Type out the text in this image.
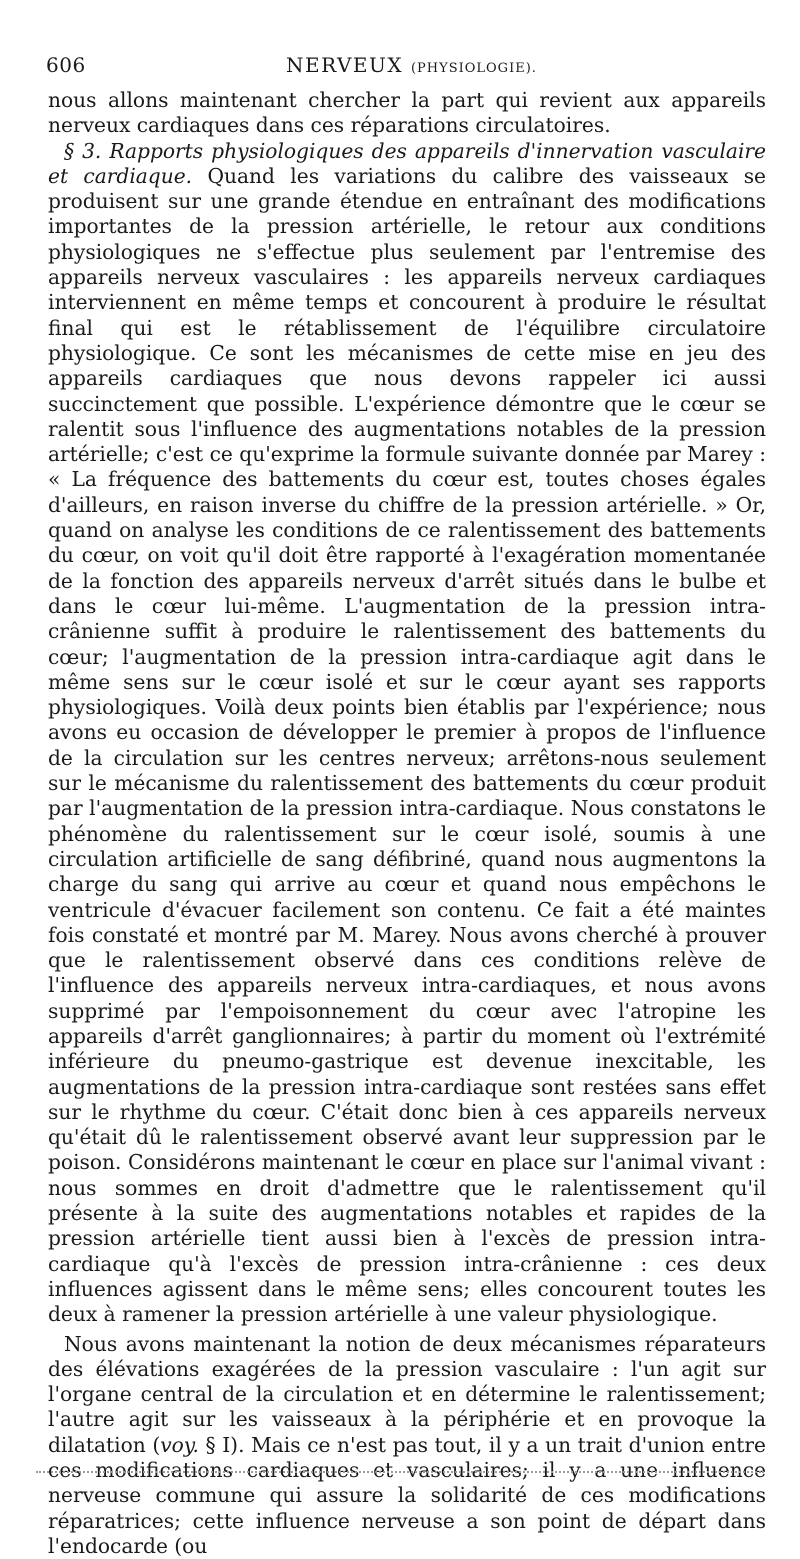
606	NERVEUX (PHYSIOLOGIE).

nous allons maintenant chercher la part qui revient aux appareils nerveux cardiaques dans ces réparations circulatoires.

§ 3. Rapports physiologiques des appareils d'innervation vasculaire et cardiaque. Quand les variations du calibre des vaisseaux se produisent sur une grande étendue en entraînant des modifications importantes de la pression artérielle, le retour aux conditions physiologiques ne s'effectue plus seulement par l'entremise des appareils nerveux vasculaires : les appareils nerveux cardiaques interviennent en même temps et concourent à produire le résultat final qui est le rétablissement de l'équilibre circulatoire physiologique. Ce sont les mécanismes de cette mise en jeu des appareils cardiaques que nous devons rappeler ici aussi succinctement que possible. L'expérience démontre que le cœur se ralentit sous l'influence des augmentations notables de la pression artérielle; c'est ce qu'exprime la formule suivante donnée par Marey : « La fréquence des battements du cœur est, toutes choses égales d'ailleurs, en raison inverse du chiffre de la pression artérielle. » Or, quand on analyse les conditions de ce ralentissement des battements du cœur, on voit qu'il doit être rapporté à l'exagération momentanée de la fonction des appareils nerveux d'arrêt situés dans le bulbe et dans le cœur lui-même. L'augmentation de la pression intra-crânienne suffit à produire le ralentissement des battements du cœur; l'augmentation de la pression intra-cardiaque agit dans le même sens sur le cœur isolé et sur le cœur ayant ses rapports physiologiques. Voilà deux points bien établis par l'expérience; nous avons eu occasion de développer le premier à propos de l'influence de la circulation sur les centres nerveux; arrêtons-nous seulement sur le mécanisme du ralentissement des battements du cœur produit par l'augmentation de la pression intra-cardiaque. Nous constatons le phénomène du ralentissement sur le cœur isolé, soumis à une circulation artificielle de sang défibriné, quand nous augmentons la charge du sang qui arrive au cœur et quand nous empêchons le ventricule d'évacuer facilement son contenu. Ce fait a été maintes fois constaté et montré par M. Marey. Nous avons cherché à prouver que le ralentissement observé dans ces conditions relève de l'influence des appareils nerveux intra-cardiaques, et nous avons supprimé par l'empoisonnement du cœur avec l'atropine les appareils d'arrêt ganglionnaires; à partir du moment où l'extrémité inférieure du pneumo-gastrique est devenue inexcitable, les augmentations de la pression intra-cardiaque sont restées sans effet sur le rhythme du cœur. C'était donc bien à ces appareils nerveux qu'était dû le ralentissement observé avant leur suppression par le poison. Considérons maintenant le cœur en place sur l'animal vivant : nous sommes en droit d'admettre que le ralentissement qu'il présente à la suite des augmentations notables et rapides de la pression artérielle tient aussi bien à l'excès de pression intra-cardiaque qu'à l'excès de pression intra-crânienne : ces deux influences agissent dans le même sens; elles concourent toutes les deux à ramener la pression artérielle à une valeur physiologique.

Nous avons maintenant la notion de deux mécanismes réparateurs des élévations exagérées de la pression vasculaire : l'un agit sur l'organe central de la circulation et en détermine le ralentissement; l'autre agit sur les vaisseaux à la périphérie et en provoque la dilatation (voy. § I). Mais ce n'est pas tout, il y a un trait d'union entre ces modifications cardiaques et vasculaires; il y a une influence nerveuse commune qui assure la solidarité de ces modifications réparatrices; cette influence nerveuse a son point de départ dans l'endocarde (ou
